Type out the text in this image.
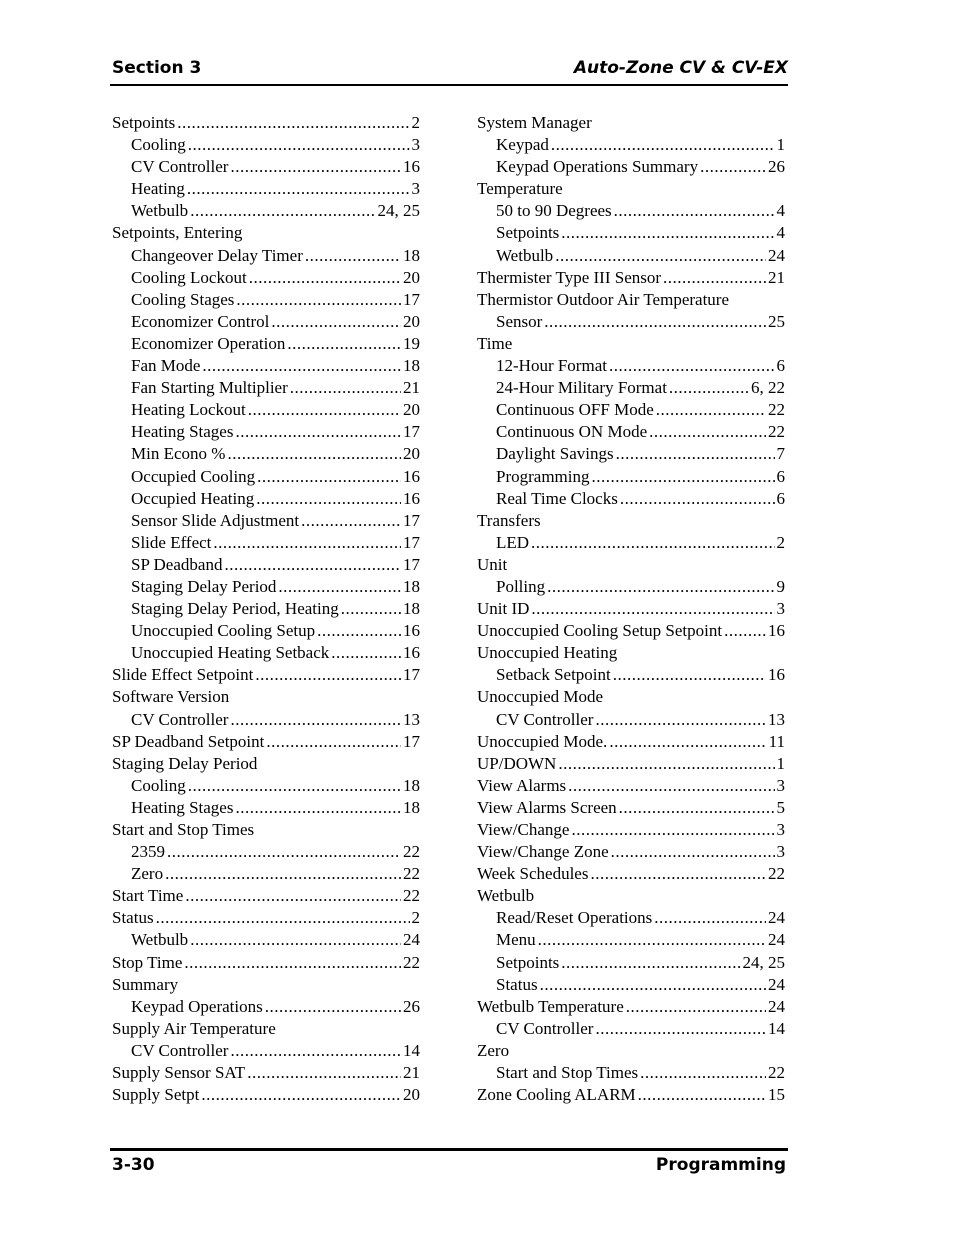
Section 3	Auto-Zone CV & CV-EX
Setpoints .....	2
Cooling .....	3
CV Controller .....	16
Heating .....	3
Wetbulb .....	24, 25
Setpoints, Entering
Changeover Delay Timer .....	18
Cooling Lockout .....	20
Cooling Stages .....	17
Economizer Control .....	20
Economizer Operation .....	19
Fan Mode .....	18
Fan Starting Multiplier .....	21
Heating Lockout .....	20
Heating Stages .....	17
Min Econo % .....	20
Occupied Cooling .....	16
Occupied Heating .....	16
Sensor Slide Adjustment .....	17
Slide Effect .....	17
SP Deadband .....	17
Staging Delay Period .....	18
Staging Delay Period, Heating .....	18
Unoccupied Cooling Setup .....	16
Unoccupied Heating Setback .....	16
Slide Effect Setpoint .....	17
Software Version
CV Controller .....	13
SP Deadband Setpoint .....	17
Staging Delay Period
Cooling .....	18
Heating Stages .....	18
Start and Stop Times
2359 .....	22
Zero .....	22
Start Time .....	22
Status .....	2
Wetbulb .....	24
Stop Time .....	22
Summary
Keypad Operations .....	26
Supply Air Temperature
CV Controller .....	14
Supply Sensor SAT .....	21
Supply Setpt .....	20
System Manager
Keypad .....	1
Keypad Operations Summary .....	26
Temperature
50 to 90 Degrees .....	4
Setpoints .....	4
Wetbulb .....	24
Thermister Type III Sensor .....	21
Thermistor Outdoor Air Temperature
Sensor .....	25
Time
12-Hour Format .....	6
24-Hour Military Format .....	6, 22
Continuous OFF Mode .....	22
Continuous ON Mode .....	22
Daylight Savings .....	7
Programming .....	6
Real Time Clocks .....	6
Transfers
LED .....	2
Unit
Polling .....	9
Unit ID .....	3
Unoccupied Cooling Setup Setpoint .....	16
Unoccupied Heating
Setback Setpoint .....	16
Unoccupied Mode
CV Controller .....	13
Unoccupied Mode. .....	11
UP/DOWN .....	1
View Alarms .....	3
View Alarms Screen .....	5
View/Change .....	3
View/Change Zone .....	3
Week Schedules .....	22
Wetbulb
Read/Reset Operations .....	24
Menu .....	24
Setpoints .....	24, 25
Status .....	24
Wetbulb Temperature .....	24
CV Controller .....	14
Zero
Start and Stop Times .....	22
Zone Cooling ALARM .....	15
3-30	Programming
